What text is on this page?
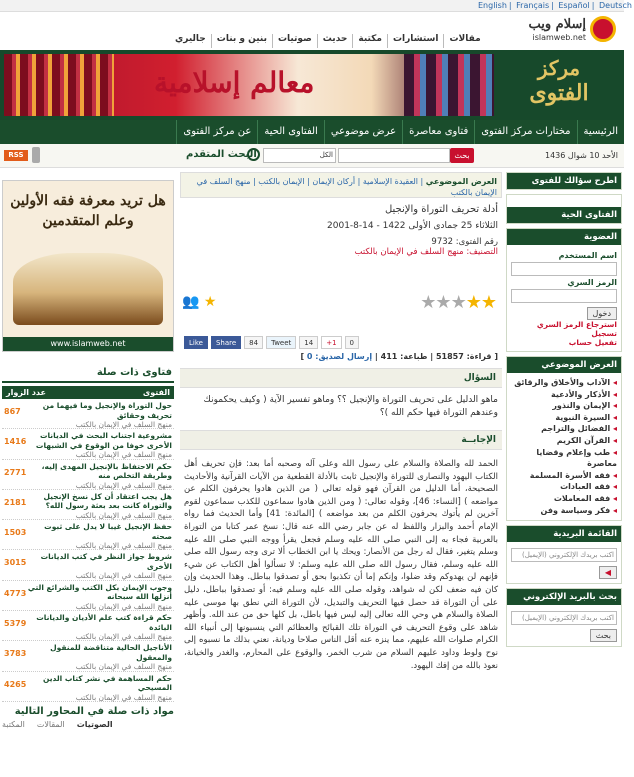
English | Français | Español | Deutsch
مقالات
استشارات
مكتبة
حديث
صوتيات
بنين و بنات
جاليري
إسلام ويب
islamweb.net
معالم إسلامية	مركز
الفتوى
الرئيسية
مختارات مركز الفتوى
فتاوى معاصرة
عرض موضوعي
الفتاوى الحية
عن مركز الفتوى
RSS	البحث المتقدم	الكل	بحث	الأحد 10 شوال 1436
اطرح سؤالك للفتوى
الفتاوى الحية
العضوية
اسم المستخدم
الرمز السري
دخول
استرجاع الرمز السري
تسجيل
تفعيل حساب
العرض الموضوعي
◂ الآداب والأخلاق والرقائق
◂ الأذكار والأدعية
◂ الإيمان والنذور
◂ السيرة النبوية
◂ الفضائل والتراجم
◂ القرآن الكريم
◂ طب وإعلام وقضايا معاصرة
◂ فقه الأسرة المسلمة
◂ فقه العبادات
◂ فقه المعاملات
◂ فكر وسياسة وفن
القائمة البريدية
اكتب بريدك الإلكتروني (الإيميل)
◀
بحث بالبريد الإلكتروني
اكتب بريدك الإلكتروني (الإيميل)
بحث
العرض الموضوعي | العقيدة الإسلامية | أركان الإيمان | الإيمان بالكتب | منهج السلف في الإيمان بالكتب
أدلة تحريف التوراة والإنجيل
الثلاثاء 25 جمادى الأولى 1422 - 14-8-2001
رقم الفتوى: 9732
التصنيف: منهج السلف في الإيمان بالكتب
★★★★★
👥 ★
Like	Share	84	Tweet	14	+1	0
[ قراءة: 51857 | طباعة: 411 | إرسال لصديق: 0 ]
السؤال
ماهو الدليل على تحريف التوراة والإنجيل ؟؟ وماهو تفسير الآية ( وكيف يحكمونك وعندهم التوراة فيها حكم الله )؟
الإجابــة
الحمد لله والصلاة والسلام على رسول الله وعلى آله وصحبه أما بعد: فإن تحريف أهل الكتاب اليهود والنصارى للتوراة والإنجيل ثابت بالأدلة القطعية من الآيات القرآنية والأحاديث الصحيحة، أما الدليل من القرآن فهو قوله تعالى ( من الذين هادوا يحرفون الكلم عن مواضعه ) [النساء: 46]، وقوله تعالى: ( ومن الذين هادوا سماعون للكذب سماعون لقوم آخرين لم يأتوك يحرفون الكلم من بعد مواضعه ) [المائدة: 41] وأما الحديث فما رواه الإمام أحمد والبزار واللفظ له عن جابر رضي الله عنه قال: نسخ عمر كتابا من التوراة بالعربية فجاء به إلى النبي صلى الله عليه وسلم فجعل يقرأ ووجه النبي صلى الله عليه وسلم يتغير، فقال له رجل من الأنصار: ويحك يا ابن الخطاب ألا ترى وجه رسول الله صلى الله عليه وسلم، فقال رسول الله صلى الله عليه وسلم: لا تسألوا أهل الكتاب عن شيء فإنهم لن يهدوكم وقد ضلوا، وإنكم إما أن تكذبوا بحق أو تصدقوا بباطل. وهذا الحديث وإن كان فيه ضعف لكن له شواهد، وقوله صلى الله عليه وسلم فيه: أو تصدقوا بباطل، دليل على أن التوراة قد حصل فيها التحريف والتبديل، لأن التوراة التي نطق بها موسى عليه الصلاة والسلام هي وحي الله تعالى إليه ليس فيها باطل، بل كلها حق من عند الله. وأظهر شاهد على وقوع التحريف في التوراة تلك القبائح والعظائم التي ينسبونها إلى أنبياء الله الكرام صلوات الله عليهم، مما ينزه عنه أقل الناس صلاحا وديانة، نعني بذلك ما نسبوه إلى نوح ولوط وداود عليهم السلام من شرب الخمر، والوقوع على المحارم، والغدر والخيانة، نعوذ بالله من إفك اليهود.
هل تريد معرفة فقه الأولين وعلم المتقدمين
www.islamweb.net
فتاوى ذات صلة
عدد الزوار	الفتوى
867
حول التوراة والإنجيل وما فيهما من تحريف وحقائق
منهج السلف في الإيمان بالكتب
1416
مشروعية اجتناب البحث في الديانات الأخرى خوفا من الوقوع في الشبهات
منهج السلف في الإيمان بالكتب
2771
حكم الاحتفاظ بالإنجيل المهدى إليه، وطريقة التخلص منه
منهج السلف في الإيمان بالكتب
2181
هل يجب اعتقاد أن كل نسخ الإنجيل والتوراة كانت بعد بعثة رسول الله؟
منهج السلف في الإيمان بالكتب
1503
حفظ الإنجيل غيبا لا يدل على ثبوت صحته
منهج السلف في الإيمان بالكتب
3015
شروط جواز النظر في كتب الديانات الأخرى
منهج السلف في الإيمان بالكتب
4773
وجوب الإيمان بكل الكتب والشرائع التي أنزلها الله سبحانه
منهج السلف في الإيمان بالكتب
5379
حكم قراءة كتب علم الأديان والديانات البائدة
منهج السلف في الإيمان بالكتب
3783
الأناجيل الحالية متناقضة للمنقول والمعقول
منهج السلف في الإيمان بالكتب
4265
حكم المساهمة في نشر كتاب الدين المسيحي
منهج السلف في الإيمان بالكتب
مواد ذات صلة في المحاور التالية
الصوتيات
المقالات
المكتبة
